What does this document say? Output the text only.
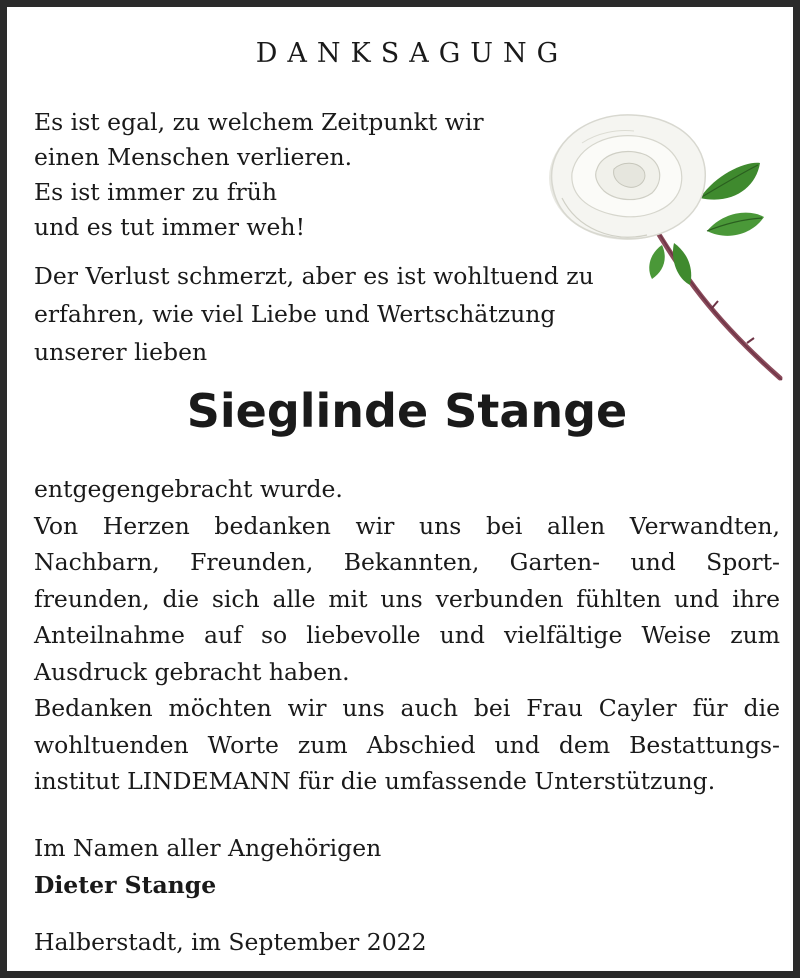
DANKSAGUNG
Es ist egal, zu welchem Zeitpunkt wir
einen Menschen verlieren.
Es ist immer zu früh
und es tut immer weh!
Der Verlust schmerzt, aber es ist wohltuend zu
erfahren, wie viel Liebe und Wertschätzung
unserer lieben
Sieglinde Stange
entgegengebracht wurde.
Von Herzen bedanken wir uns bei allen Verwandten,
Nachbarn, Freunden, Bekannten, Garten- und Sport-
freunden, die sich alle mit uns verbunden fühlten und ihre
Anteilnahme auf so liebevolle und vielfältige Weise zum
Ausdruck gebracht haben.
Bedanken möchten wir uns auch bei Frau Cayler für die
wohltuenden Worte zum Abschied und dem Bestattungs-
institut LINDEMANN für die umfassende Unterstützung.
Im Namen aller Angehörigen
Dieter Stange
Halberstadt, im September 2022
